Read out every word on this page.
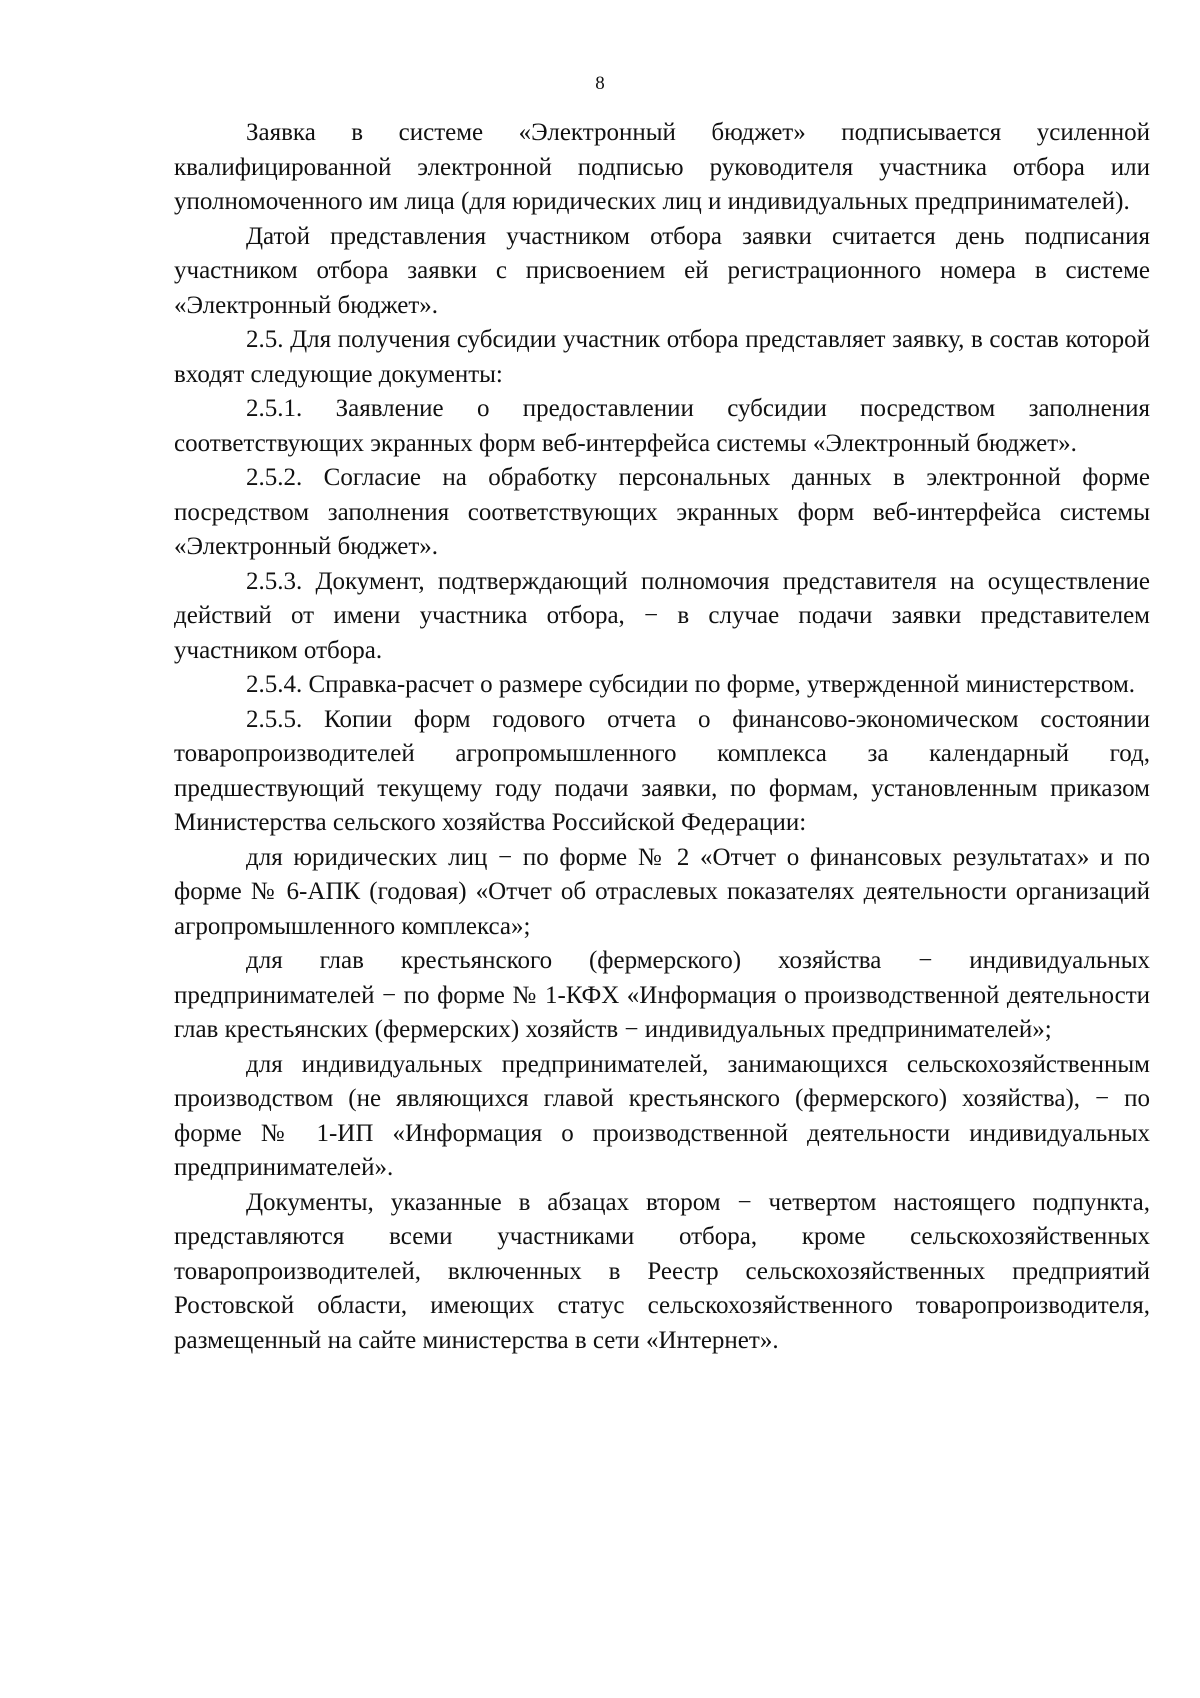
8

Заявка в системе «Электронный бюджет» подписывается усиленной квалифицированной электронной подписью руководителя участника отбора или уполномоченного им лица (для юридических лиц и индивидуальных предпринимателей).

Датой представления участником отбора заявки считается день подписания участником отбора заявки с присвоением ей регистрационного номера в системе «Электронный бюджет».

2.5. Для получения субсидии участник отбора представляет заявку, в состав которой входят следующие документы:

2.5.1. Заявление о предоставлении субсидии посредством заполнения соответствующих экранных форм веб-интерфейса системы «Электронный бюджет».

2.5.2. Согласие на обработку персональных данных в электронной форме посредством заполнения соответствующих экранных форм веб-интерфейса системы «Электронный бюджет».

2.5.3. Документ, подтверждающий полномочия представителя на осуществление действий от имени участника отбора, − в случае подачи заявки представителем участником отбора.

2.5.4. Справка-расчет о размере субсидии по форме, утвержденной министерством.

2.5.5. Копии форм годового отчета о финансово-экономическом состоянии товаропроизводителей агропромышленного комплекса за календарный год, предшествующий текущему году подачи заявки, по формам, установленным приказом Министерства сельского хозяйства Российской Федерации:

для юридических лиц − по форме № 2 «Отчет о финансовых результатах» и по форме № 6-АПК (годовая) «Отчет об отраслевых показателях деятельности организаций агропромышленного комплекса»;

для глав крестьянского (фермерского) хозяйства − индивидуальных предпринимателей − по форме № 1-КФХ «Информация о производственной деятельности глав крестьянских (фермерских) хозяйств − индивидуальных предпринимателей»;

для индивидуальных предпринимателей, занимающихся сельскохозяйственным производством (не являющихся главой крестьянского (фермерского) хозяйства), − по форме № 1-ИП «Информация о производственной деятельности индивидуальных предпринимателей».

Документы, указанные в абзацах втором − четвертом настоящего подпункта, представляются всеми участниками отбора, кроме сельскохозяйственных товаропроизводителей, включенных в Реестр сельскохозяйственных предприятий Ростовской области, имеющих статус сельскохозяйственного товаропроизводителя, размещенный на сайте министерства в сети «Интернет».
